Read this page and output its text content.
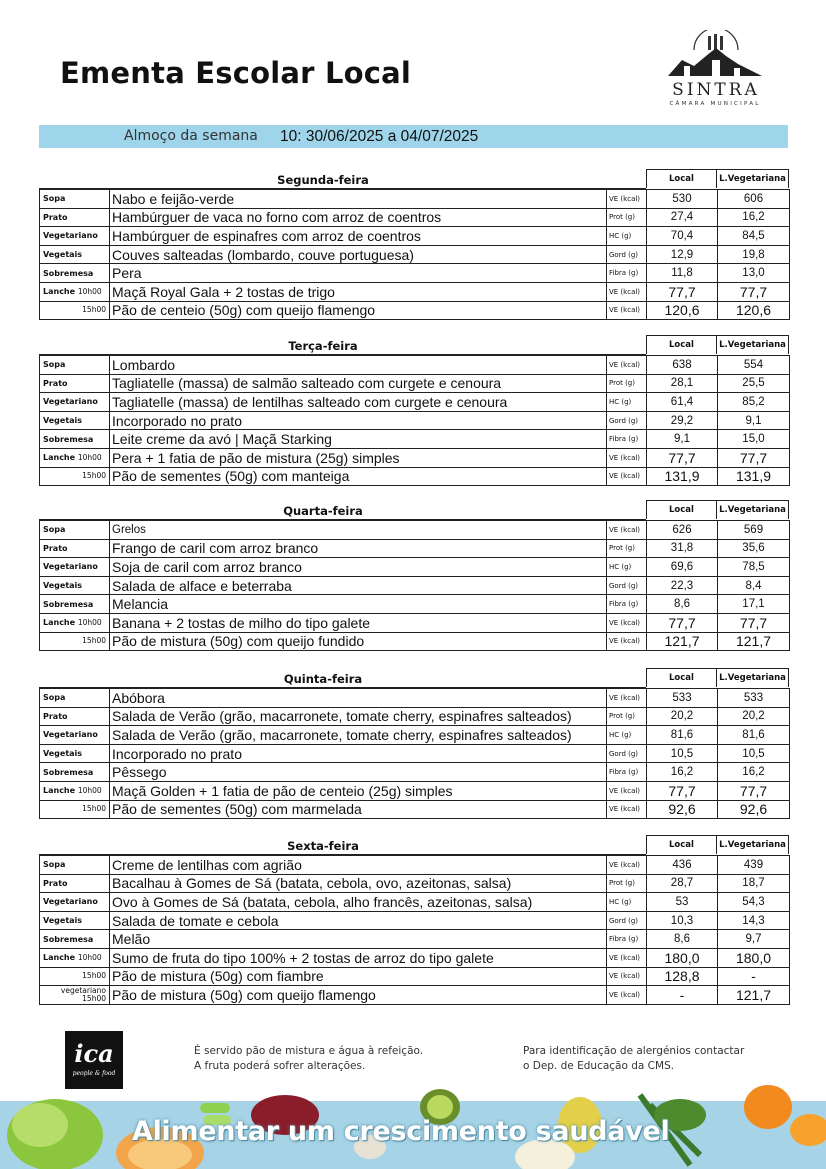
Ementa Escolar Local	SINTRA
CÂMARA MUNICIPAL
Almoço da semana 10: 30/06/2025 a 04/07/2025
Segunda-feira	Local	L.Vegetariana
Sopa	Nabo e feijão-verde	VE (kcal)	530	606
Prato	Hambúrguer de vaca no forno com arroz de coentros	Prot (g)	27,4	16,2
Vegetariano	Hambúrguer de espinafres com arroz de coentros	HC (g)	70,4	84,5
Vegetais	Couves salteadas (lombardo, couve portuguesa)	Gord (g)	12,9	19,8
Sobremesa	Pera	Fibra (g)	11,8	13,0
Lanche 10h00	Maçã Royal Gala + 2 tostas de trigo	VE (kcal)	77,7	77,7

15h00	Pão de centeio (50g) com queijo flamengo	VE (kcal)	120,6	120,6
Terça-feira	Local	L.Vegetariana
Sopa	Lombardo	VE (kcal)	638	554
Prato	Tagliatelle (massa) de salmão salteado com curgete e cenoura	Prot (g)	28,1	25,5
Vegetariano	Tagliatelle (massa) de lentilhas salteado com curgete e cenoura	HC (g)	61,4	85,2
Vegetais	Incorporado no prato	Gord (g)	29,2	9,1
Sobremesa	Leite creme da avó | Maçã Starking	Fibra (g)	9,1	15,0
Lanche 10h00	Pera + 1 fatia de pão de mistura (25g) simples	VE (kcal)	77,7	77,7

15h00	Pão de sementes (50g) com manteiga	VE (kcal)	131,9	131,9
Quarta-feira	Local	L.Vegetariana
Sopa	Grelos	VE (kcal)	626	569
Prato	Frango de caril com arroz branco	Prot (g)	31,8	35,6
Vegetariano	Soja de caril com arroz branco	HC (g)	69,6	78,5
Vegetais	Salada de alface e beterraba	Gord (g)	22,3	8,4
Sobremesa	Melancia	Fibra (g)	8,6	17,1
Lanche 10h00	Banana + 2 tostas de milho do tipo galete	VE (kcal)	77,7	77,7

15h00	Pão de mistura (50g) com queijo fundido	VE (kcal)	121,7	121,7
Quinta-feira	Local	L.Vegetariana
Sopa	Abóbora	VE (kcal)	533	533
Prato	Salada de Verão (grão, macarronete, tomate cherry, espinafres salteados)	Prot (g)	20,2	20,2
Vegetariano	Salada de Verão (grão, macarronete, tomate cherry, espinafres salteados)	HC (g)	81,6	81,6
Vegetais	Incorporado no prato	Gord (g)	10,5	10,5
Sobremesa	Pêssego	Fibra (g)	16,2	16,2
Lanche 10h00	Maçã Golden + 1 fatia de pão de centeio (25g) simples	VE (kcal)	77,7	77,7

15h00	Pão de sementes (50g) com marmelada	VE (kcal)	92,6	92,6
Sexta-feira	Local	L.Vegetariana
Sopa	Creme de lentilhas com agrião	VE (kcal)	436	439
Prato	Bacalhau à Gomes de Sá (batata, cebola, ovo, azeitonas, salsa)	Prot (g)	28,7	18,7
Vegetariano	Ovo à Gomes de Sá (batata, cebola, alho francês, azeitonas, salsa)	HC (g)	53	54,3
Vegetais	Salada de tomate e cebola	Gord (g)	10,3	14,3
Sobremesa	Melão	Fibra (g)	8,6	9,7
Lanche 10h00	Sumo de fruta do tipo 100% + 2 tostas de arroz do tipo galete	VE (kcal)	180,0	180,0

15h00	Pão de mistura (50g) com fiambre	VE (kcal)	128,8	-

vegetariano
15h00	Pão de mistura (50g) com queijo flamengo	VE (kcal)	-	121,7
ica
people & food
É servido pão de mistura e água à refeição.
A fruta poderá sofrer alterações.
Para identificação de alergénios contactar
o Dep. de Educação da CMS.
Alimentar um crescimento saudável
